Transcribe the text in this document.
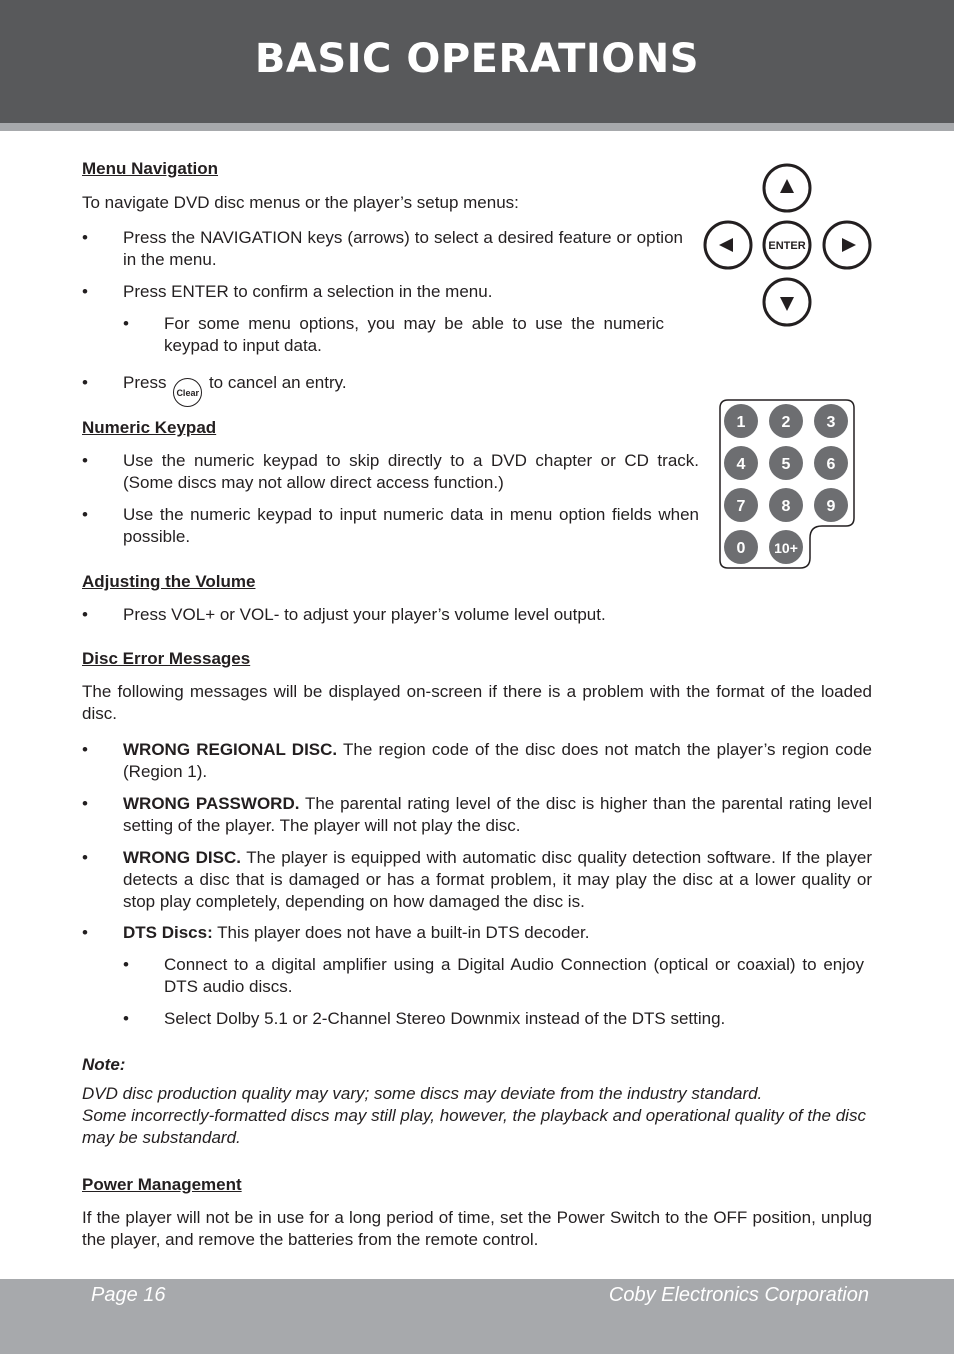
BASIC OPERATIONS
Menu Navigation
To navigate DVD disc menus or the player’s setup menus:
• Press the NAVIGATION keys (arrows) to select a desired feature or option in the menu.
• Press ENTER to confirm a selection in the menu.
• For some menu options, you may be able to use the numeric keypad to input data.
• Press Clear to cancel an entry.
ENTER
Numeric Keypad
• Use the numeric keypad to skip directly to a DVD chapter or CD track. (Some discs may not allow direct access function.)
• Use the numeric keypad to input numeric data in menu option fields when possible.
1 2 3
4 5 6
7 8 9
0 10+
Adjusting the Volume
• Press VOL+ or VOL- to adjust your player’s volume level output.
Disc Error Messages
The following messages will be displayed on-screen if there is a problem with the format of the loaded disc.
• WRONG REGIONAL DISC. The region code of the disc does not match the player’s region code (Region 1).
• WRONG PASSWORD. The parental rating level of the disc is higher than the parental rating level setting of the player. The player will not play the disc.
• WRONG DISC. The player is equipped with automatic disc quality detection software. If the player detects a disc that is damaged or has a format problem, it may play the disc at a lower quality or stop play completely, depending on how damaged the disc is.
• DTS Discs: This player does not have a built-in DTS decoder.
• Connect to a digital amplifier using a Digital Audio Connection (optical or coaxial) to enjoy DTS audio discs.
• Select Dolby 5.1 or 2-Channel Stereo Downmix instead of the DTS setting.
Note:
DVD disc production quality may vary; some discs may deviate from the industry standard.
Some incorrectly-formatted discs may still play, however, the playback and operational quality of the disc may be substandard.
Power Management
If the player will not be in use for a long period of time, set the Power Switch to the OFF position, unplug the player, and remove the batteries from the remote control.
Page 16	Coby Electronics Corporation
